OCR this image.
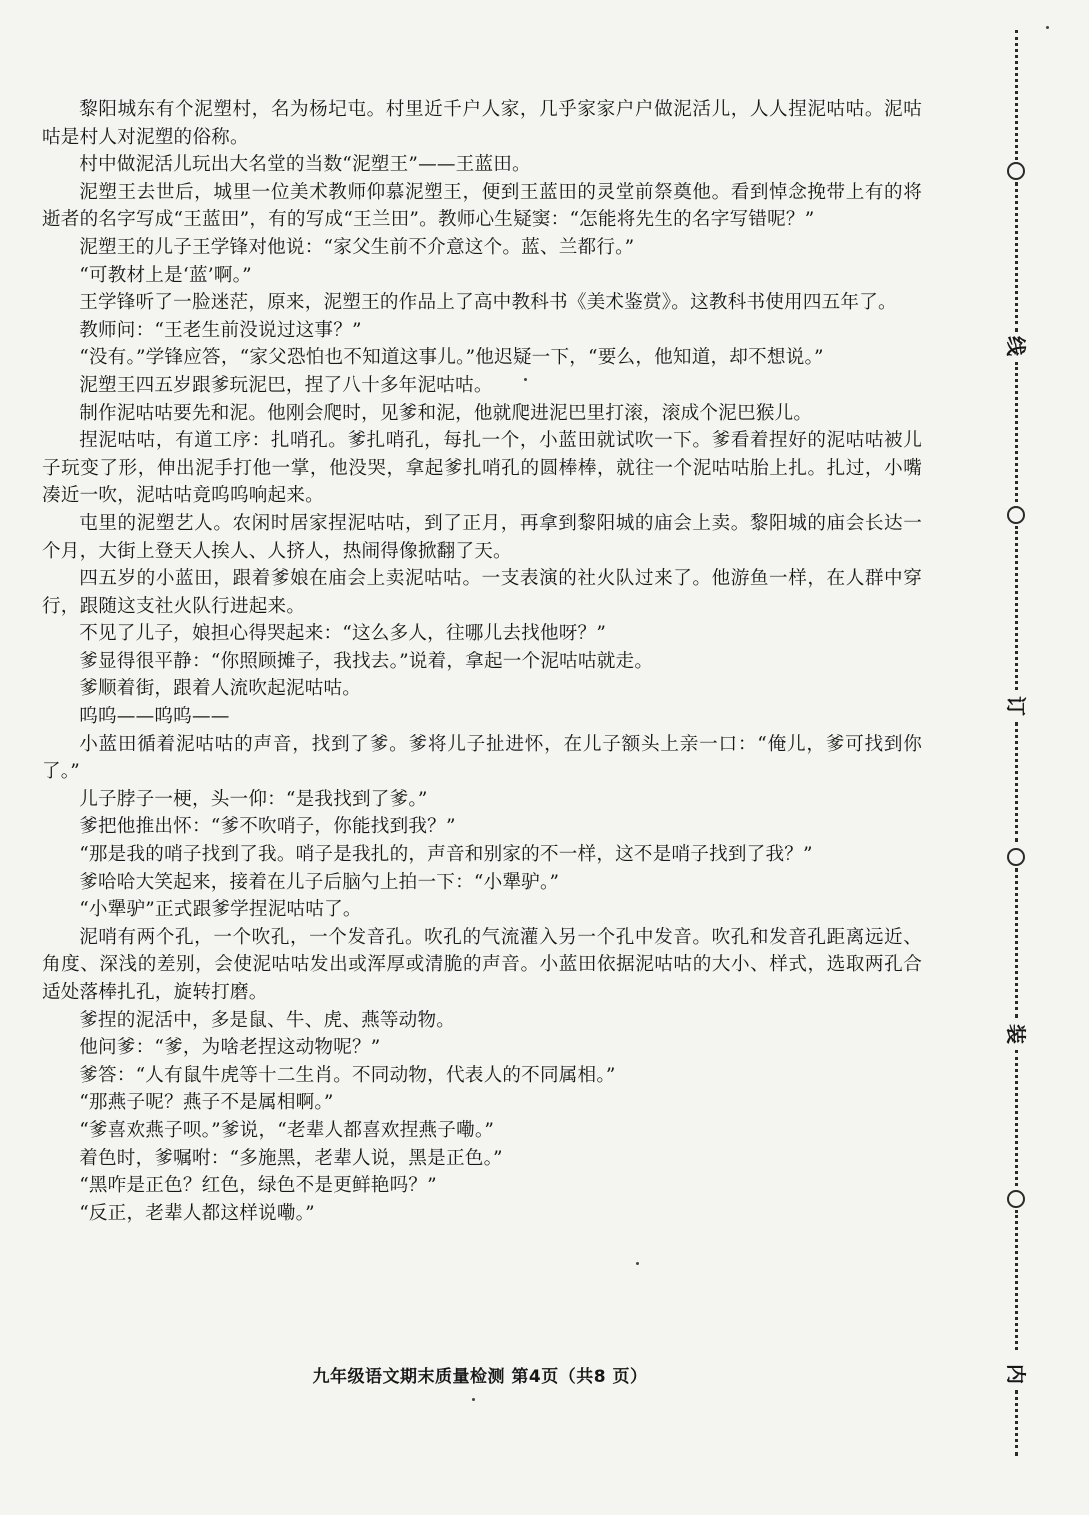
黎阳城东有个泥塑村，名为杨圮屯。村里近千户人家，几乎家家户户做泥活儿，人人捏泥咕咕。泥咕咕是村人对泥塑的俗称。

村中做泥活儿玩出大名堂的当数“泥塑王”——王蓝田。

泥塑王去世后，城里一位美术教师仰慕泥塑王，便到王蓝田的灵堂前祭奠他。看到悼念挽带上有的将逝者的名字写成“王蓝田”，有的写成“王兰田”。教师心生疑窦：“怎能将先生的名字写错呢？”

泥塑王的儿子王学锋对他说：“家父生前不介意这个。蓝、兰都行。”

“可教材上是‘蓝’啊。”

王学锋听了一脸迷茫，原来，泥塑王的作品上了高中教科书《美术鉴赏》。这教科书使用四五年了。

教师问：“王老生前没说过这事？”

“没有。”学锋应答，“家父恐怕也不知道这事儿。”他迟疑一下，“要么，他知道，却不想说。”

泥塑王四五岁跟爹玩泥巴，捏了八十多年泥咕咕。

制作泥咕咕要先和泥。他刚会爬时，见爹和泥，他就爬进泥巴里打滚，滚成个泥巴猴儿。

捏泥咕咕，有道工序：扎哨孔。爹扎哨孔，每扎一个，小蓝田就试吹一下。爹看着捏好的泥咕咕被儿子玩变了形，伸出泥手打他一掌，他没哭，拿起爹扎哨孔的圆棒棒，就往一个泥咕咕胎上扎。扎过，小嘴凑近一吹，泥咕咕竟呜呜响起来。

屯里的泥塑艺人。农闲时居家捏泥咕咕，到了正月，再拿到黎阳城的庙会上卖。黎阳城的庙会长达一个月，大街上登天人挨人、人挤人，热闹得像掀翻了天。

四五岁的小蓝田，跟着爹娘在庙会上卖泥咕咕。一支表演的社火队过来了。他游鱼一样，在人群中穿行，跟随这支社火队行进起来。

不见了儿子，娘担心得哭起来：“这么多人，往哪儿去找他呀？”

爹显得很平静：“你照顾摊子，我找去。”说着，拿起一个泥咕咕就走。

爹顺着街，跟着人流吹起泥咕咕。

呜呜——呜呜——

小蓝田循着泥咕咕的声音，找到了爹。爹将儿子扯进怀，在儿子额头上亲一口：“俺儿，爹可找到你了。”

儿子脖子一梗，头一仰：“是我找到了爹。”

爹把他推出怀：“爹不吹哨子，你能找到我？”

“那是我的哨子找到了我。哨子是我扎的，声音和别家的不一样，这不是哨子找到了我？”

爹哈哈大笑起来，接着在儿子后脑勺上拍一下：“小犟驴。”

“小犟驴”正式跟爹学捏泥咕咕了。

泥哨有两个孔，一个吹孔，一个发音孔。吹孔的气流灌入另一个孔中发音。吹孔和发音孔距离远近、角度、深浅的差别，会使泥咕咕发出或浑厚或清脆的声音。小蓝田依据泥咕咕的大小、样式，选取两孔合适处落棒扎孔，旋转打磨。

爹捏的泥活中，多是鼠、牛、虎、燕等动物。

他问爹：“爹，为啥老捏这动物呢？”

爹答：“人有鼠牛虎等十二生肖。不同动物，代表人的不同属相。”

“那燕子呢？燕子不是属相啊。”

“爹喜欢燕子呗。”爹说，“老辈人都喜欢捏燕子嘞。”

着色时，爹嘱咐：“多施黑，老辈人说，黑是正色。”

“黑咋是正色？红色，绿色不是更鲜艳吗？”

“反正，老辈人都这样说嘞。”

九年级语文期末质量检测 第4页（共8 页）
线
订
装
内
